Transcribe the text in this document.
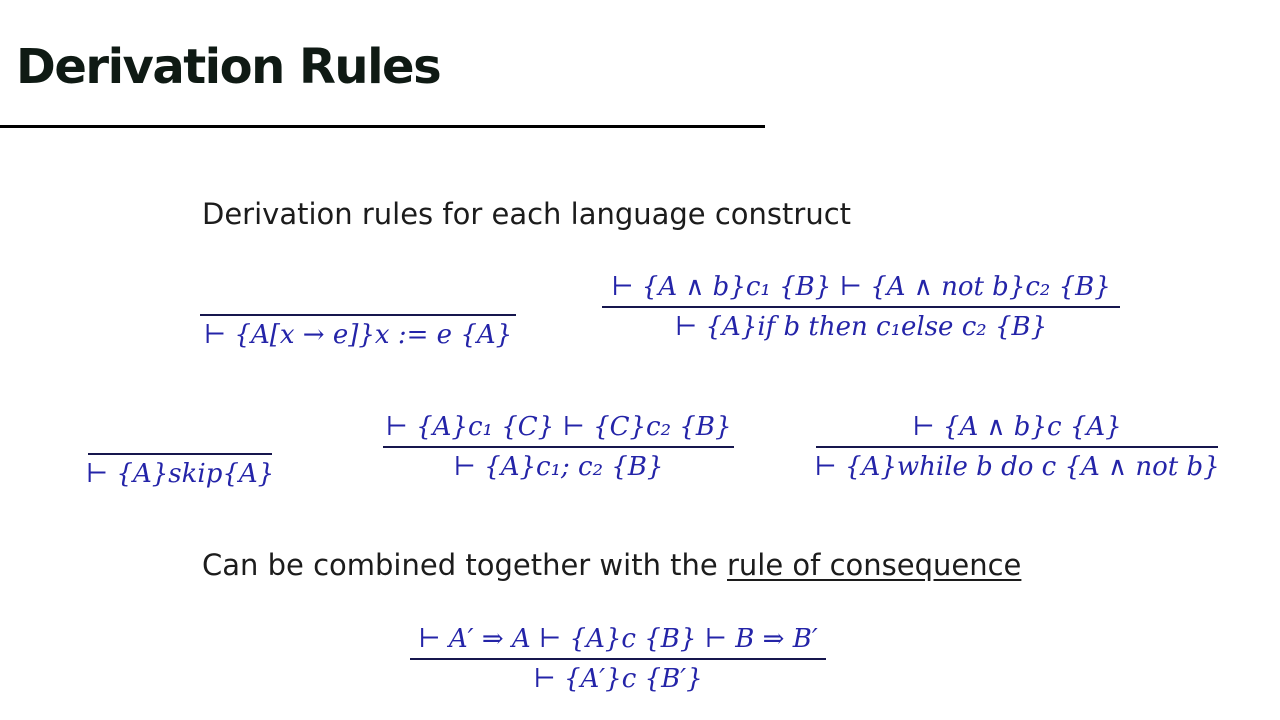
Derivation Rules

Derivation rules for each language construct

⊢ {A[x → e]}x := e {A}
⊢ {A ∧ b}c₁ {B} ⊢ {A ∧ not b}c₂ {B}
⊢ {A}if b then c₁else c₂ {B}
⊢ {A}skip{A}
⊢ {A}c₁ {C} ⊢ {C}c₂ {B}
⊢ {A}c₁; c₂ {B}
⊢ {A ∧ b}c {A}
⊢ {A}while b do c {A ∧ not b}

Can be combined together with the rule of consequence

⊢ A′ ⇒ A ⊢ {A}c {B} ⊢ B ⇒ B′
⊢ {A′}c {B′}
